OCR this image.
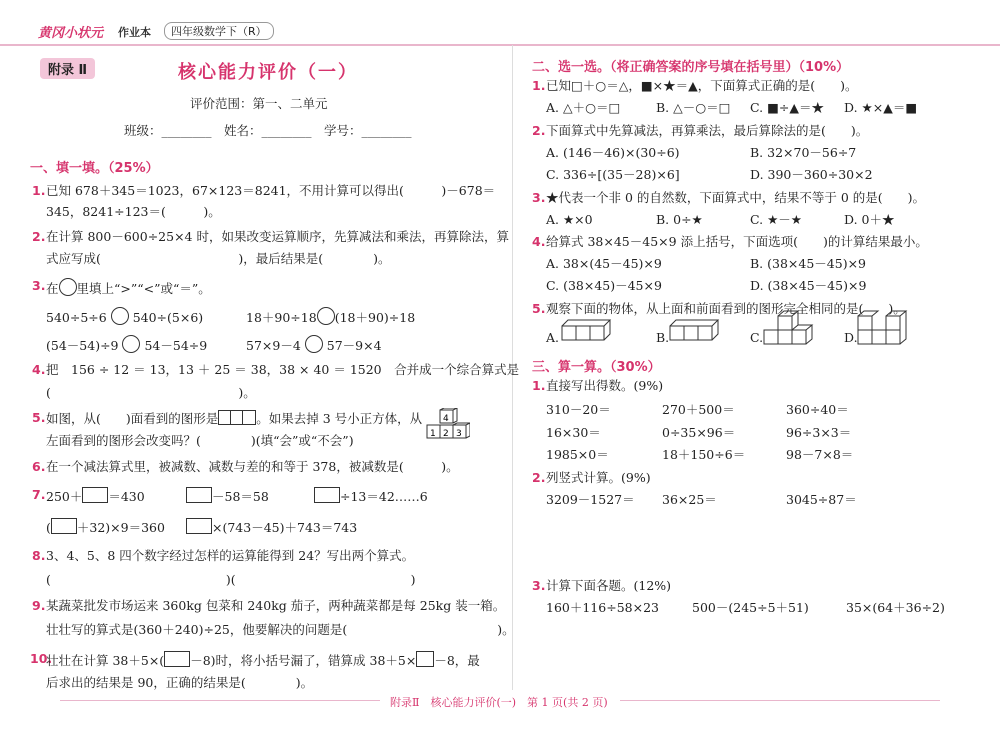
黄冈小状元 作业本	四年级数学下（R）
附录 Ⅱ	核心能力评价（一）
评价范围：第一、二单元
班级：________　姓名：________　学号：________
一、填一填。（25%）
1. 已知 678＋345＝1023，67×123＝8241，不用计算可以得出(　　　)－678＝
345，8241÷123＝(　　　)。
2. 在计算 800－600÷25×4 时，如果改变运算顺序，先算减法和乘法，再算除法，算
式应写成(　　　　　　　　　　　)，最后结果是(　　　　)。
3. 在 里填上“>”“<”或“＝”。
540÷5÷6 540÷(5×6)	18＋90÷18 (18＋90)÷18
(54－54)÷9 54－54÷9	57×9－4 57－9×4
4. 把　156 ÷ 12 ＝ 13，13 ＋ 25 ＝ 38，38 × 40 ＝ 1520　合并成一个综合算式是
(　　　　　　　　　　　　　　　)。
5. 如图，从(　　)面看到的图形是	。如果去掉 3 号小正方体，从
左面看到的图形会改变吗？(　　　　)(填“会”或“不会”)
4
1 2 3
6. 在一个减法算式里，被减数、减数与差的和等于 378，被减数是(　　　)。
7. 250＋ ＝430	－58＝58	÷13＝42……6
( ＋32)×9＝360	×(743－45)＋743＝743
8. 3、4、5、8 四个数字经过怎样的运算能得到 24？写出两个算式。
(　　　　　　　　　　　　　　)(　　　　　　　　　　　　　　)
9. 某蔬菜批发市场运来 360kg 包菜和 240kg 茄子，两种蔬菜都是每 25kg 装一箱。
壮壮写的算式是(360＋240)÷25，他要解决的问题是(　　　　　　　　　　　　)。
10.
壮壮在计算 38＋5×( －8)时，将小括号漏了，错算成 38＋5× －8，最
后求出的结果是 90，正确的结果是(　　　　)。
二、选一选。（将正确答案的序号填在括号里）（10%）
1. 已知□＋○＝△，■×★＝▲，下面算式正确的是(　　)。
A. △＋○＝□	B. △－○＝□ C. ■÷▲＝★ D. ★×▲＝■
2. 下面算式中先算减法，再算乘法，最后算除法的是(　　)。
A. (146－46)×(30÷6)	B. 32×70－56÷7
C. 336÷[(35－28)×6]	D. 390－360÷30×2
3. ★代表一个非 0 的自然数，下面算式中，结果不等于 0 的是(　　)。
A. ★×0	B. 0÷★	C. ★－★	D. 0＋★
4. 给算式 38×45－45×9 添上括号，下面选项(　　)的计算结果最小。
A. 38×(45－45)×9	B. (38×45－45)×9
C. (38×45)－45×9	D. (38×45－45)×9
5. 观察下面的物体，从上面和前面看到的图形完全相同的是(　　)。
A.	B.	C.	D.
三、算一算。（30%）
1. 直接写出得数。(9%)
310－20＝	270＋500＝	360÷40＝
16×30＝	0÷35×96＝	96÷3×3＝
1985×0＝	18＋150÷6＝	98－7×8＝
2. 列竖式计算。(9%)
3209－1527＝ 36×25＝	3045÷87＝
3. 计算下面各题。(12%)
160＋116÷58×23	500－(245÷5＋51)	35×(64＋36÷2)
附录Ⅱ　核心能力评价(一)　第 1 页(共 2 页)
